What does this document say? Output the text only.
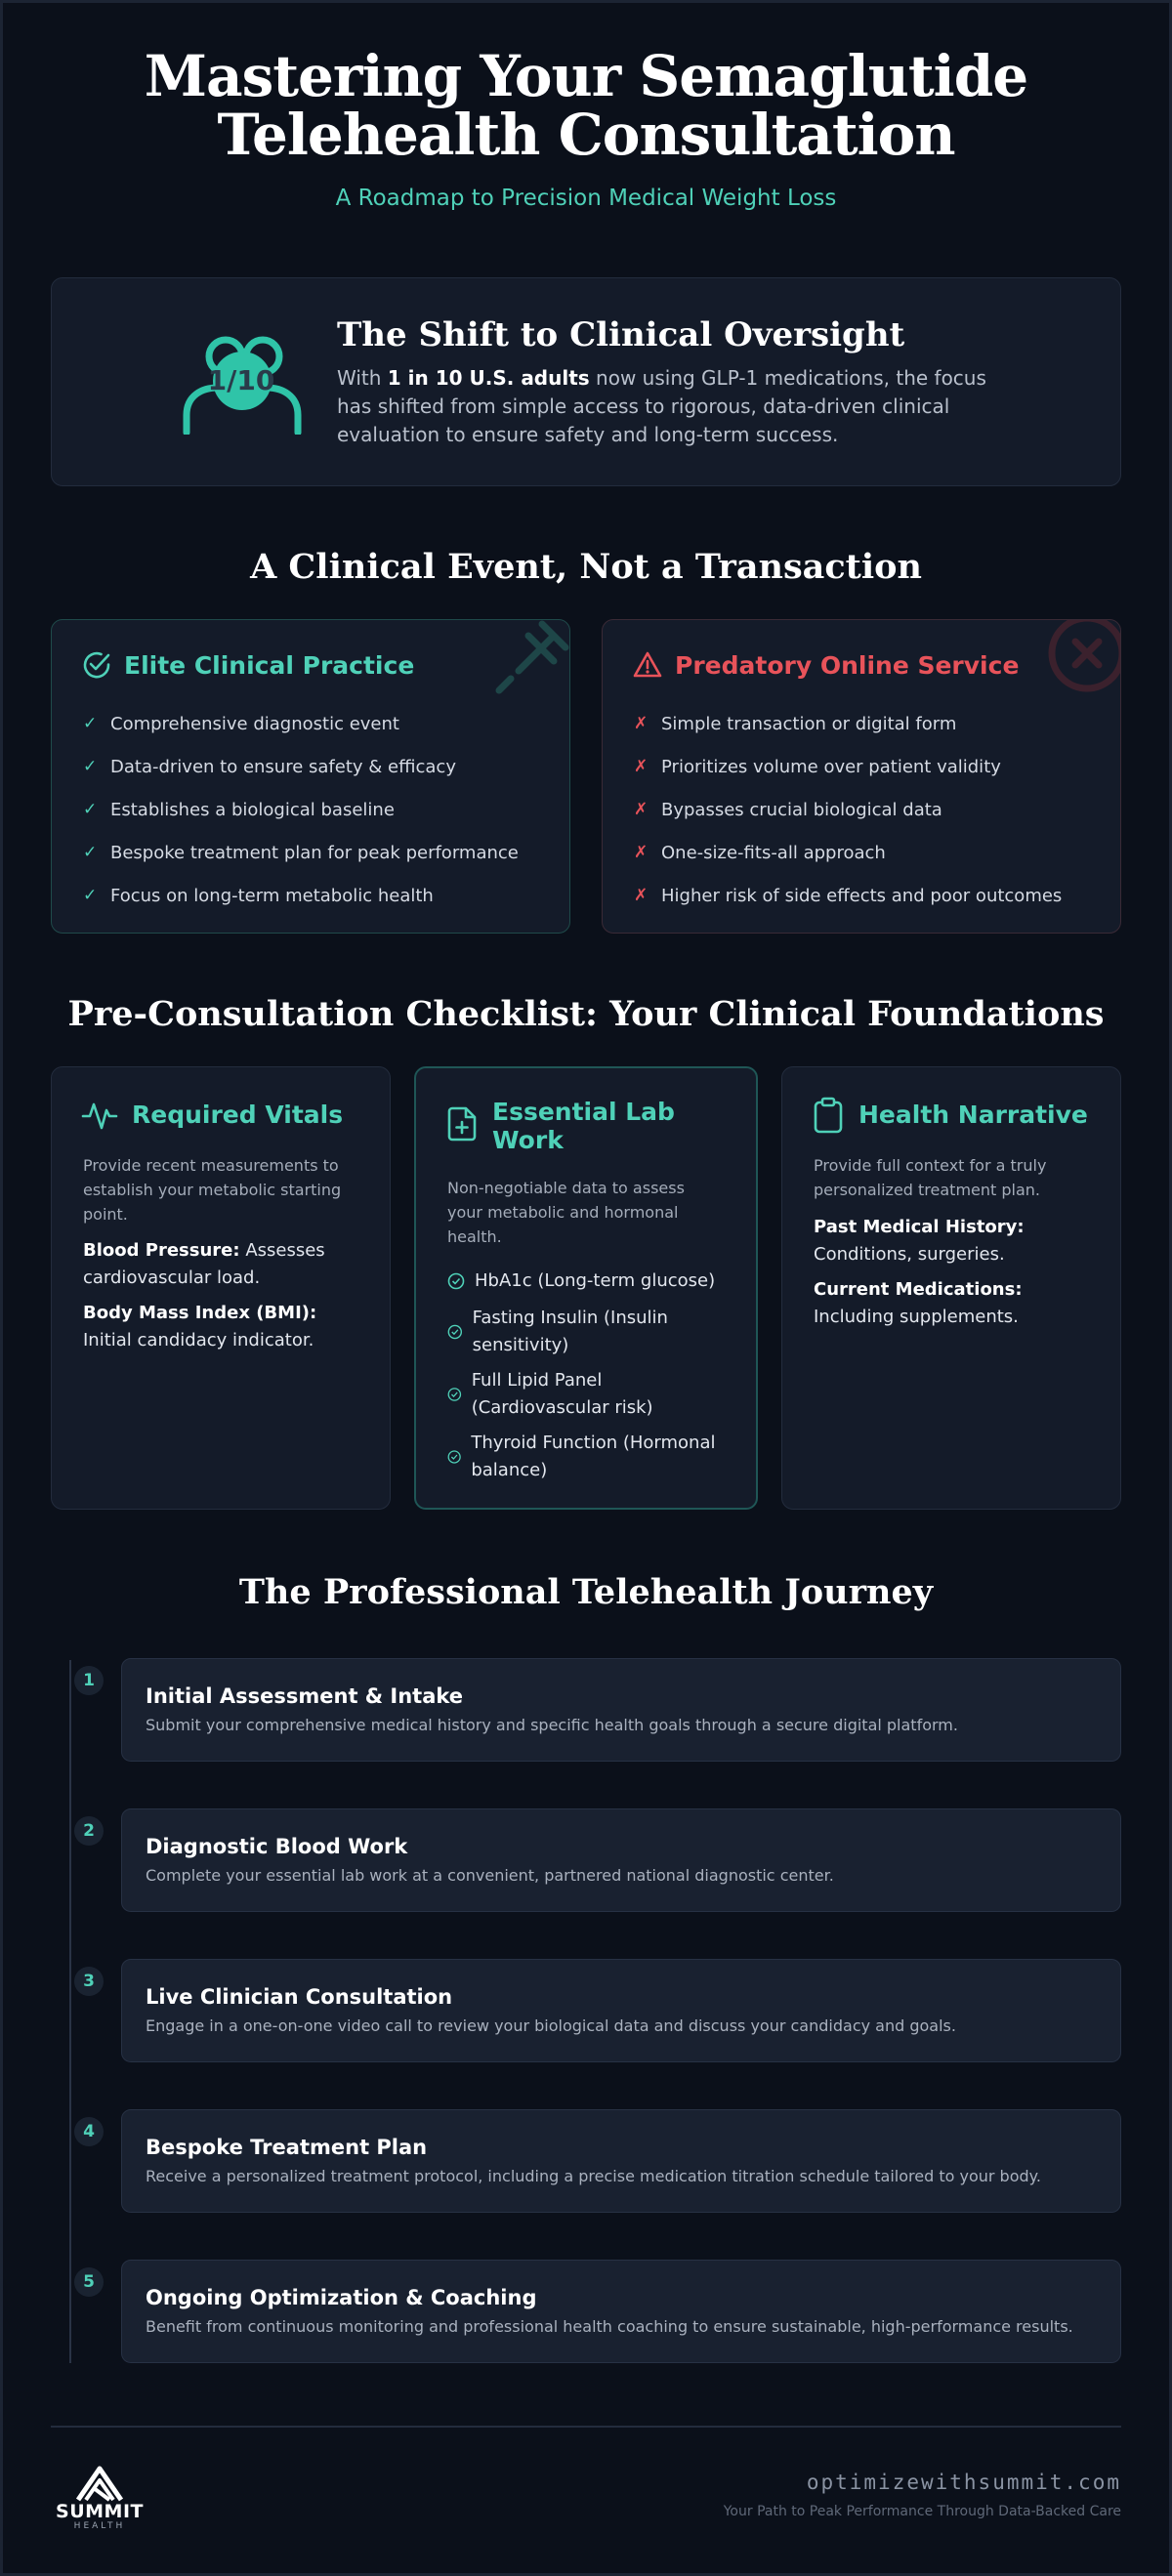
Mastering Your Semaglutide
Telehealth Consultation
A Roadmap to Precision Medical Weight Loss
1/10
The Shift to Clinical Oversight

With 1 in 10 U.S. adults now using GLP-1 medications, the focus has shifted from simple access to rigorous, data-driven clinical evaluation to ensure safety and long-term success.

A Clinical Event, Not a Transaction
Elite Clinical Practice
✓ Comprehensive diagnostic event
✓ Data-driven to ensure safety & efficacy
✓ Establishes a biological baseline
✓ Bespoke treatment plan for peak performance
✓ Focus on long-term metabolic health
Predatory Online Service
✗ Simple transaction or digital form
✗ Prioritizes volume over patient validity
✗ Bypasses crucial biological data
✗ One-size-fits-all approach
✗ Higher risk of side effects and poor outcomes
Pre-Consultation Checklist: Your Clinical Foundations
Required Vitals

Provide recent measurements to establish your metabolic starting point.

Blood Pressure: Assesses cardiovascular load.

Body Mass Index (BMI): Initial candidacy indicator.

Essential Lab Work

Non-negotiable data to assess your metabolic and hormonal health.

HbA1c (Long-term glucose)
Fasting Insulin (Insulin sensitivity)
Full Lipid Panel (Cardiovascular risk)
Thyroid Function (Hormonal balance)
Health Narrative

Provide full context for a truly personalized treatment plan.

Past Medical History:
Conditions, surgeries.

Current Medications:
Including supplements.

The Professional Telehealth Journey
1
Initial Assessment & Intake
Submit your comprehensive medical history and specific health goals through a secure digital platform.
2
Diagnostic Blood Work
Complete your essential lab work at a convenient, partnered national diagnostic center.
3
Live Clinician Consultation
Engage in a one-on-one video call to review your biological data and discuss your candidacy and goals.
4
Bespoke Treatment Plan
Receive a personalized treatment protocol, including a precise medication titration schedule tailored to your body.
5
Ongoing Optimization & Coaching
Benefit from continuous monitoring and professional health coaching to ensure sustainable, high-performance results.
SUMMIT
HEALTH
optimizewithsummit.com
Your Path to Peak Performance Through Data-Backed Care
